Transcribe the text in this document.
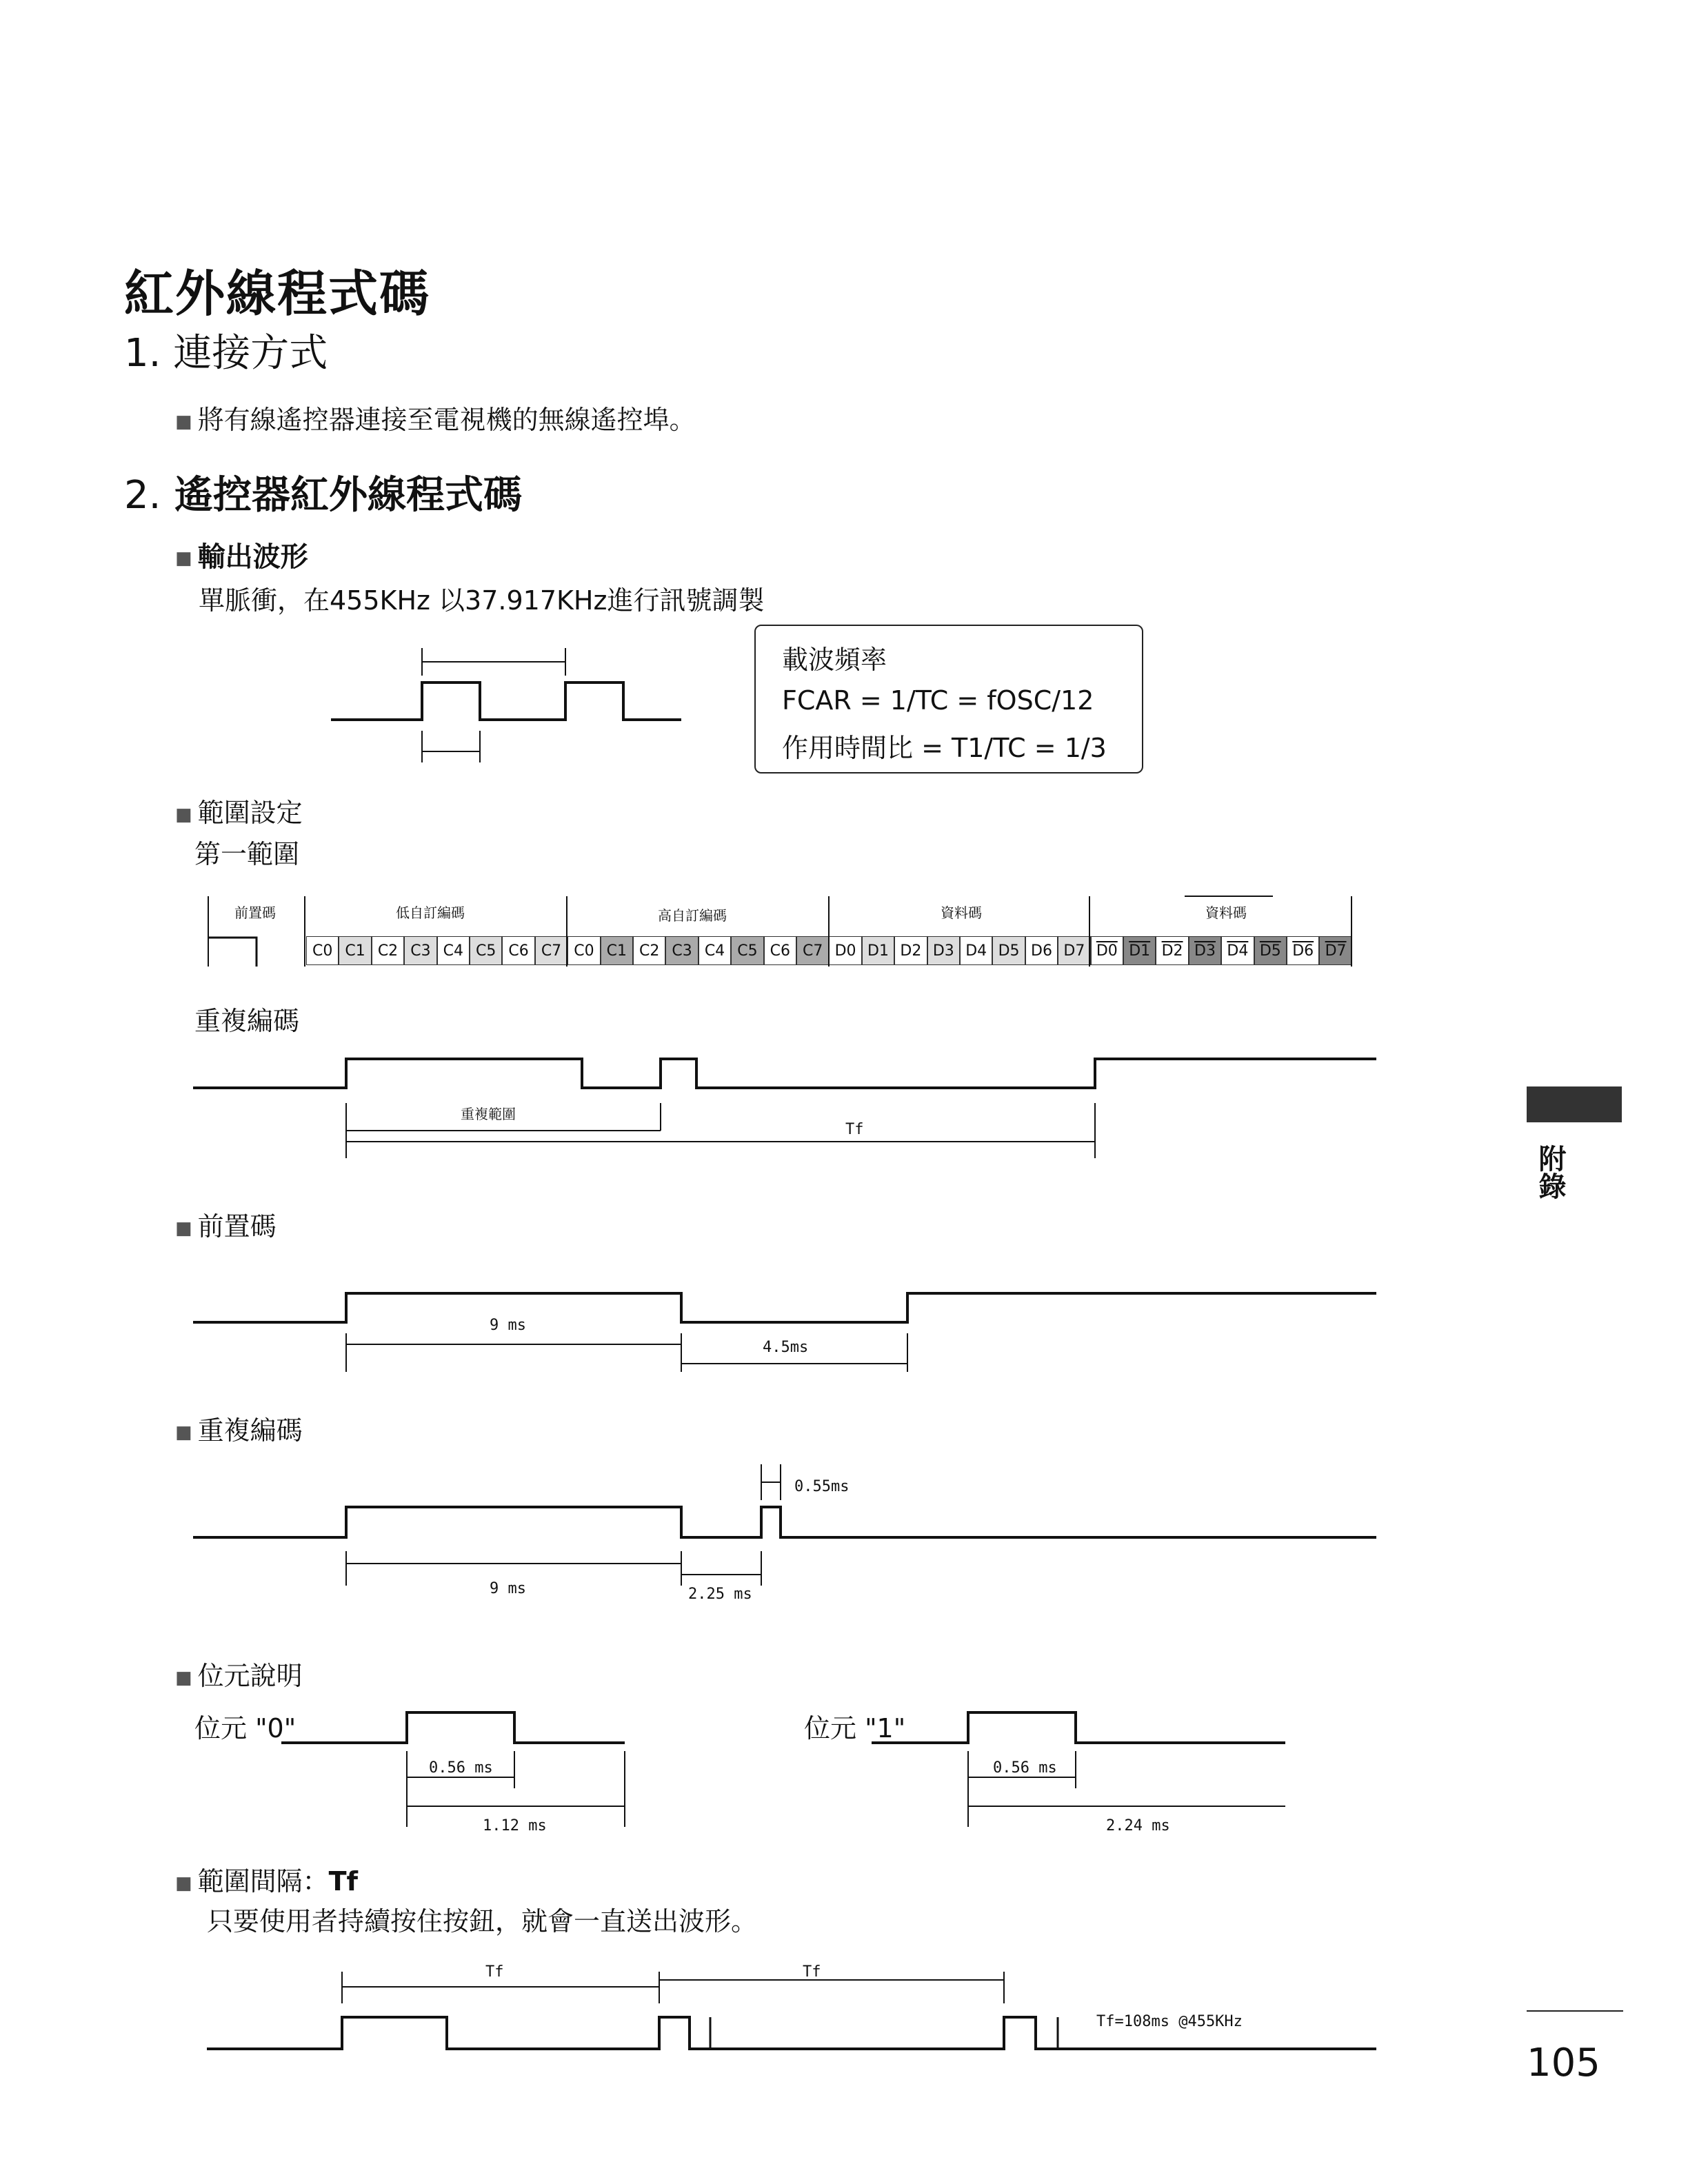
紅外線程式碼
1. 連接方式
■ 將有線遙控器連接至電視機的無線遙控埠。
2. 遙控器紅外線程式碼
■ 輸出波形
單脈衝，在455KHz 以37.917KHz進行訊號調製
載波頻率
FCAR = 1/TC = fOSC/12
作用時間比 = T1/TC = 1/3
■ 範圍設定
第一範圍
前置碼	低自訂編碼	高自訂編碼	資料碼	資料碼
C0 C1 C2 C3 C4 C5 C6 C7 C0 C1 C2 C3 C4 C5 C6 C7 D0 D1 D2 D3 D4 D5 D6 D7 D0 D1 D2 D3 D4 D5 D6 D7
重複編碼
重複範圍
Tf
■ 前置碼
9 ms
4.5ms
■ 重複編碼
0.55ms
9 ms	2.25 ms
■ 位元說明
位元 "0"	位元 "1"
0.56 ms
1.12 ms
0.56 ms
2.24 ms
■ 範圍間隔：Tf
只要使用者持續按住按鈕，就會一直送出波形。
Tf	Tf
Tf=108ms @455KHz
附錄
105
